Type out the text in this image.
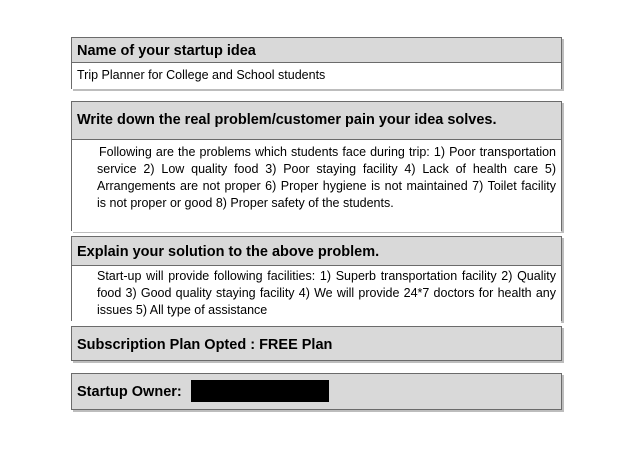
Name of your startup idea
Trip Planner for College and School students
Write down the real problem/customer pain your idea solves.
Following are the problems which students face during trip: 1) Poor transportation service 2) Low quality food 3) Poor staying facility 4) Lack of health care 5) Arrangements are not proper 6) Proper hygiene is not maintained 7) Toilet facility is not proper or good 8) Proper safety of the students.
Explain your solution to the above problem.
Start-up will provide following facilities: 1) Superb transportation facility 2) Quality food 3) Good quality staying facility 4) We will provide 24*7 doctors for health any issues 5) All type of assistance
Subscription Plan Opted : FREE Plan
Startup Owner:
